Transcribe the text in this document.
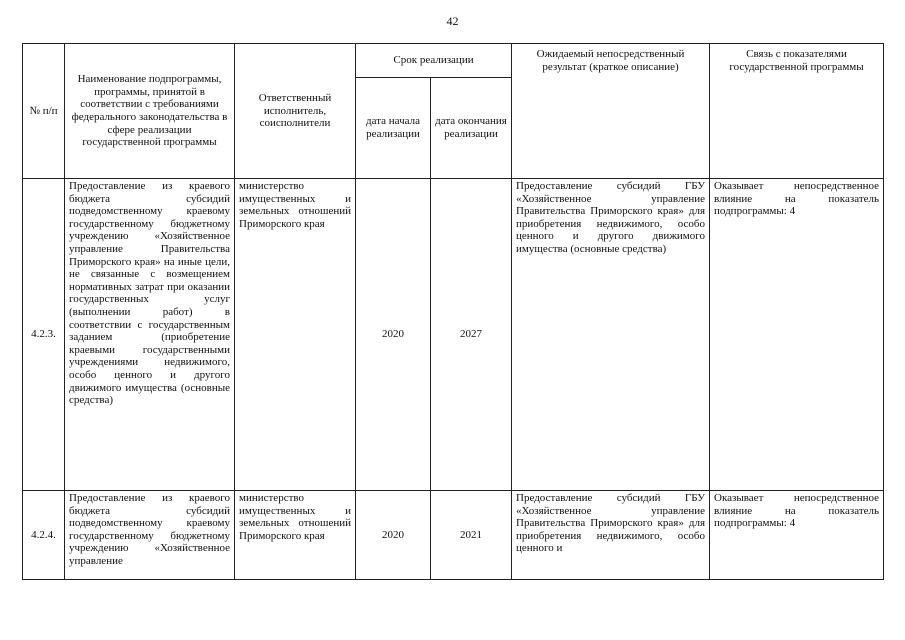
42
№ п/п	Наименование подпрограммы, программы, принятой в соответствии с требованиями федерального законодательства в сфере реализации государственной программы	Ответственный исполнитель, соисполнители	Срок реализации		Ожидаемый непосредственный результат (краткое описание)	Связь с показателями государственной программы
			дата начала реализации	дата окончания реализации		
4.2.3.	Предоставление из краевого бюджета субсидий подведомственному краевому государственному бюджетному учреждению «Хозяйственное управление Правительства Приморского края» на иные цели, не связанные с возмещением нормативных затрат при оказании государственных услуг (выполнении работ) в соответствии с государственным заданием (приобретение краевыми государственными учреждениями недвижимого, особо ценного и другого движимого имущества (основные средства)	министерство имущественных и земельных отношений Приморского края	2020	2027	Предоставление субсидий ГБУ «Хозяйственное управление Правительства Приморского края» для приобретения недвижимого, особо ценного и другого движимого имущества (основные средства)	Оказывает непосредственное влияние на показатель подпрограммы: 4
4.2.4.	Предоставление из краевого бюджета субсидий подведомственному краевому государственному бюджетному учреждению «Хозяйственное управление	министерство имущественных и земельных отношений Приморского края	2020	2021	Предоставление субсидий ГБУ «Хозяйственное управление Правительства Приморского края» для приобретения недвижимого, особо ценного и	Оказывает непосредственное влияние на показатель подпрограммы: 4
